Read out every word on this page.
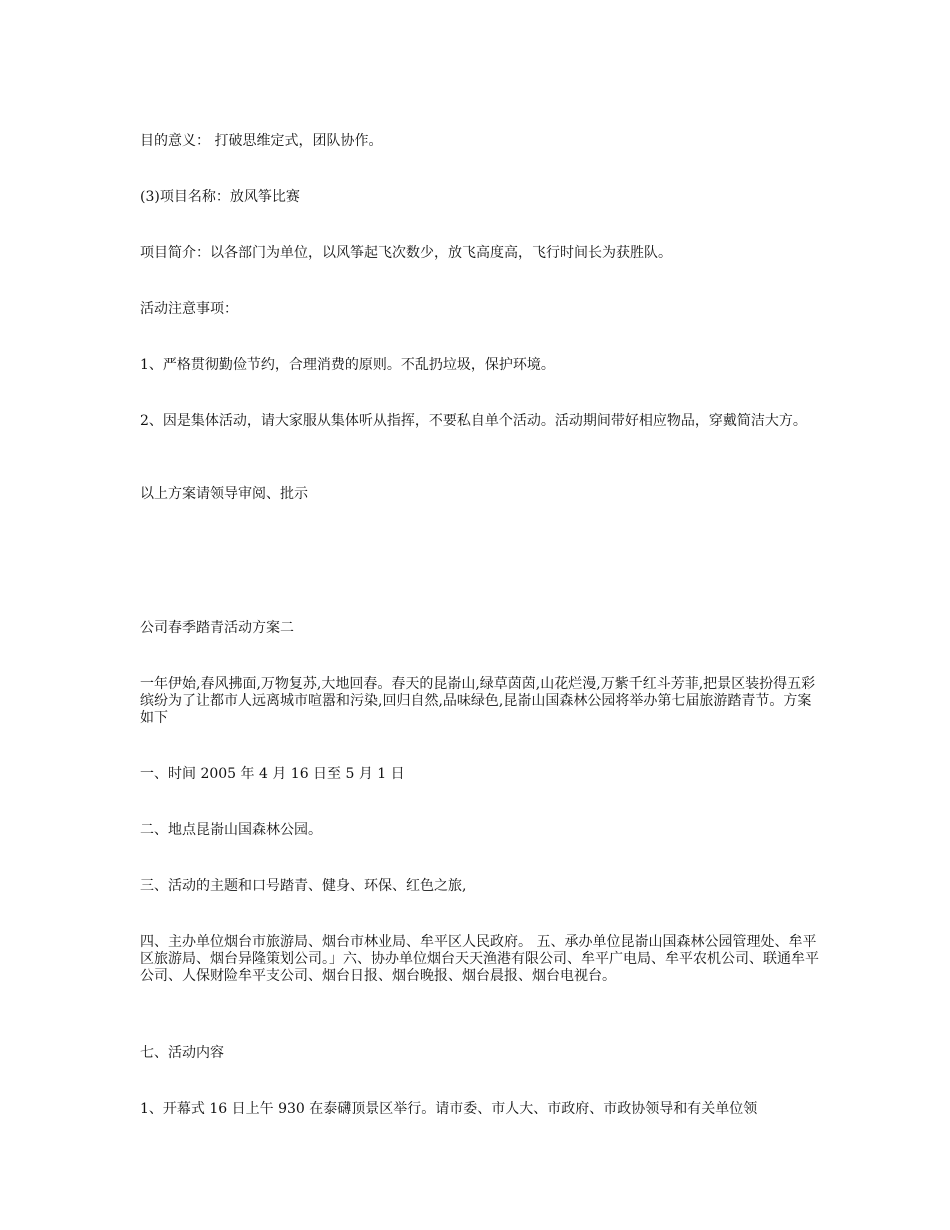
目的意义： 打破思维定式，团队协作。

(3)项目名称：放风筝比赛

项目简介：以各部门为单位，以风筝起飞次数少，放飞高度高，飞行时间长为获胜队。

活动注意事项：

1、严格贯彻勤俭节约，合理消费的原则。不乱扔垃圾，保护环境。

2、因是集体活动，请大家服从集体听从指挥，不要私自单个活动。活动期间带好相应物品，穿戴简洁大方。

以上方案请领导审阅、批示

公司春季踏青活动方案二

一年伊始,春风拂面,万物复苏,大地回春。春天的昆嵛山,绿草茵茵,山花烂漫,万紫千红斗芳菲,把景区装扮得五彩缤纷为了让都市人远离城市喧嚣和污染,回归自然,品味绿色,昆嵛山国森林公园将举办第七届旅游踏青节。方案如下

一、时间 2005 年 4 月 16 日至 5 月 1 日

二、地点昆嵛山国森林公园。

三、活动的主题和口号踏青、健身、环保、红色之旅,

四、主办单位烟台市旅游局、烟台市林业局、牟平区人民政府。 五、承办单位昆嵛山国森林公园管理处、牟平区旅游局、烟台异隆策划公司。」六、协办单位烟台天天渔港有限公司、牟平广电局、牟平农机公司、联通牟平公司、人保财险牟平支公司、烟台日报、烟台晚报、烟台晨报、烟台电视台。

七、活动内容

1、开幕式 16 日上午 930 在泰礴顶景区举行。请市委、市人大、市政府、市政协领导和有关单位领
